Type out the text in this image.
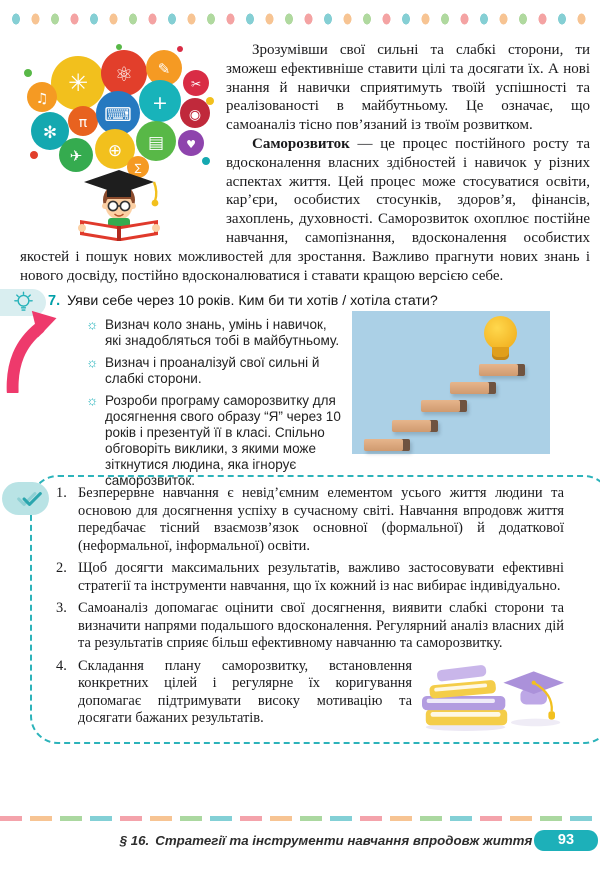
✳ ⚛ ✎
✂
♫
✻ π ⌨
+
◉
✈ ⊕ ▤ ♥
∑

Зрозумівши свої сильні та слабкі сторони, ти зможеш ефективніше ставити цілі та досягати їх. А нові знання й навички сприятимуть твоїй успішності та реалізованості в майбутньому. Це означає, що самоаналіз тісно пов’язаний із твоїм розвитком.

Саморозвиток — це процес постійного росту та вдосконалення власних здібностей і навичок у різних аспектах життя. Цей процес може стосуватися освіти, кар’єри, особистих стосунків, здоров’я, фінансів, захоплень, духовності. Саморозвиток охоплює постійне навчання, самопізнання, вдосконалення особистих якостей і пошук нових можливостей для зростання. Важливо прагнути нових знань і нового досвіду, постійно вдосконалюватися і ставати кращою версією себе.

7. Уяви себе через 10 років. Ким би ти хотів / хотіла стати?
☼ Визнач коло знань, умінь і навичок, які знадобляться тобі в майбутньому.
☼ Визнач і проаналізуй свої сильні й слабкі сторони.
☼ Розроби програму саморозвитку для досягнення свого образу “Я” через 10 років і презентуй її в класі. Спільно обговоріть виклики, з якими може зіткнутися людина, яка ігнорує саморозвиток.
1. Безперервне навчання є невід’ємним елементом усього життя людини та основою для досягнення успіху в сучасному світі. Навчання впродовж життя передбачає тісний взаємозв’язок основної (формальної) й додаткової (неформальної, інформальної) освіти.
2. Щоб досягти максимальних результатів, важливо застосовувати ефективні стратегії та інструменти навчання, що їх кожний із нас вибирає індивідуально.
3. Самоаналіз допомагає оцінити свої досягнення, виявити слабкі сторони та визначити напрями подальшого вдосконалення. Регулярний аналіз власних дій та результатів сприяє більш ефективному навчанню та саморозвитку.
4. Складання плану саморозвитку, встановлення конкретних цілей і регулярне їх коригування допомагає підтримувати високу мотивацію та досягати бажаних результатів.
§ 16. Стратегії та інструменти навчання впродовж життя	93
